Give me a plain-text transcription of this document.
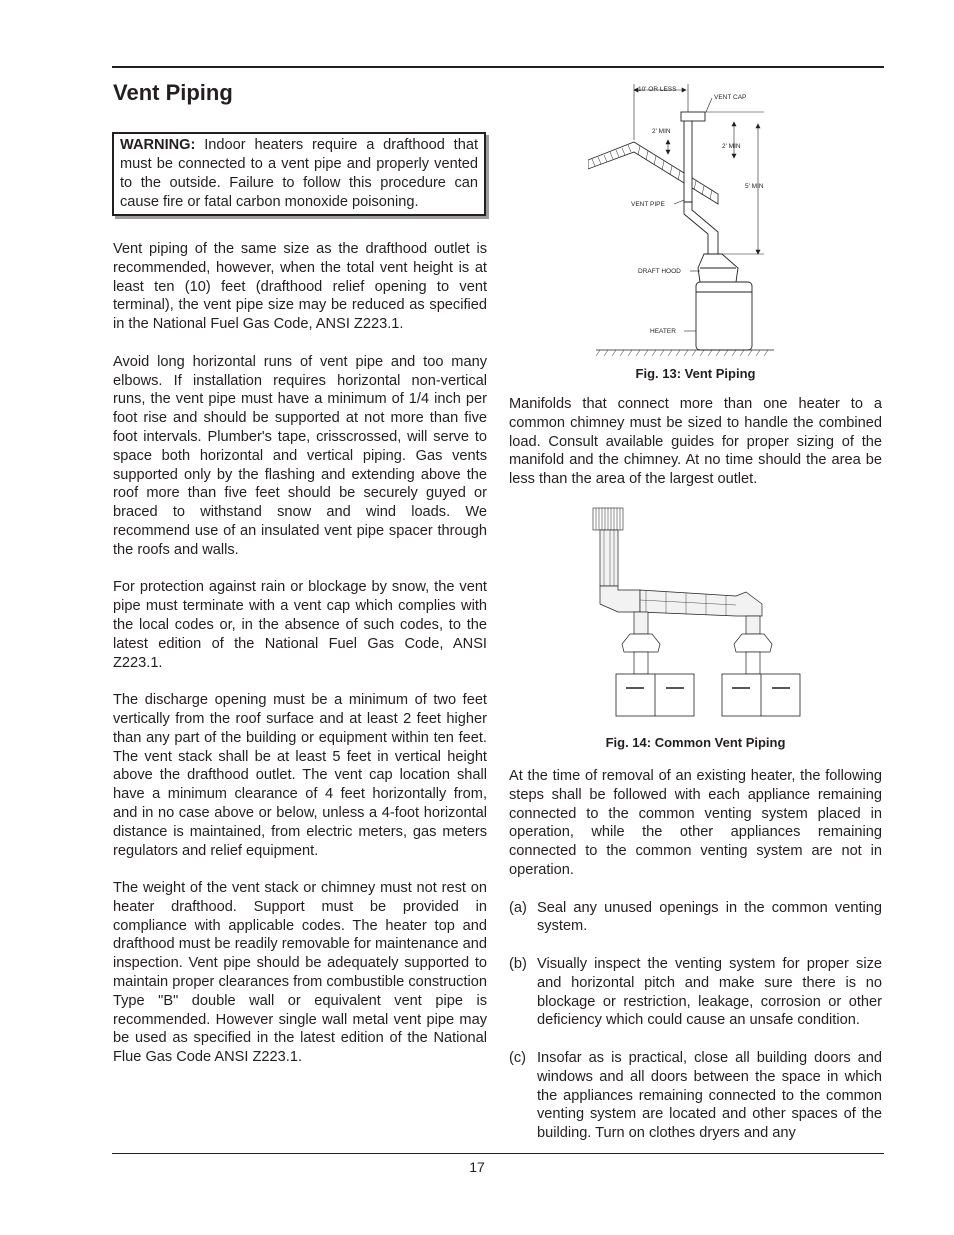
Vent Piping
WARNING: Indoor heaters require a drafthood that must be connected to a vent pipe and properly vented to the outside. Failure to follow this procedure can cause fire or fatal carbon monoxide poisoning.

Vent piping of the same size as the drafthood outlet is recommended, however, when the total vent height is at least ten (10) feet (drafthood relief opening to vent terminal), the vent pipe size may be reduced as specified in the National Fuel Gas Code, ANSI Z223.1.

Avoid long horizontal runs of vent pipe and too many elbows. If installation requires horizontal non-vertical runs, the vent pipe must have a minimum of 1/4 inch per foot rise and should be supported at not more than five foot intervals. Plumber's tape, crisscrossed, will serve to space both horizontal and vertical piping. Gas vents supported only by the flashing and extending above the roof more than five feet should be securely guyed or braced to withstand snow and wind loads. We recommend use of an insulated vent pipe spacer through the roofs and walls.

For protection against rain or blockage by snow, the vent pipe must terminate with a vent cap which complies with the local codes or, in the absence of such codes, to the latest edition of the National Fuel Gas Code, ANSI Z223.1.

The discharge opening must be a minimum of two feet vertically from the roof surface and at least 2 feet higher than any part of the building or equipment within ten feet. The vent stack shall be at least 5 feet in vertical height above the drafthood outlet. The vent cap location shall have a minimum clearance of 4 feet horizontally from, and in no case above or below, unless a 4-foot horizontal distance is maintained, from electric meters, gas meters regulators and relief equipment.

The weight of the vent stack or chimney must not rest on heater drafthood. Support must be provided in compliance with applicable codes. The heater top and drafthood must be readily removable for maintenance and inspection. Vent pipe should be adequately supported to maintain proper clearances from combustible construction Type "B" double wall or equivalent vent pipe is recommended. However single wall metal vent pipe may be used as specified in the latest edition of the National Flue Gas Code ANSI Z223.1.

10' OR LESS
VENT CAP
2' MIN
2' MIN
5' MIN
VENT PIPE
DRAFT HOOD
HEATER
Fig. 13: Vent Piping

Manifolds that connect more than one heater to a common chimney must be sized to handle the combined load. Consult available guides for proper sizing of the manifold and the chimney. At no time should the area be less than the area of the largest outlet.

Fig. 14: Common Vent Piping

At the time of removal of an existing heater, the following steps shall be followed with each appliance remaining connected to the common venting system placed in operation, while the other appliances remaining connected to the common venting system are not in operation.

(a) Seal any unused openings in the common venting system.
(b) Visually inspect the venting system for proper size and horizontal pitch and make sure there is no blockage or restriction, leakage, corrosion or other deficiency which could cause an unsafe condition.
(c) Insofar as is practical, close all building doors and windows and all doors between the space in which the appliances remaining connected to the common venting system are located and other spaces of the building. Turn on clothes dryers and any
17
